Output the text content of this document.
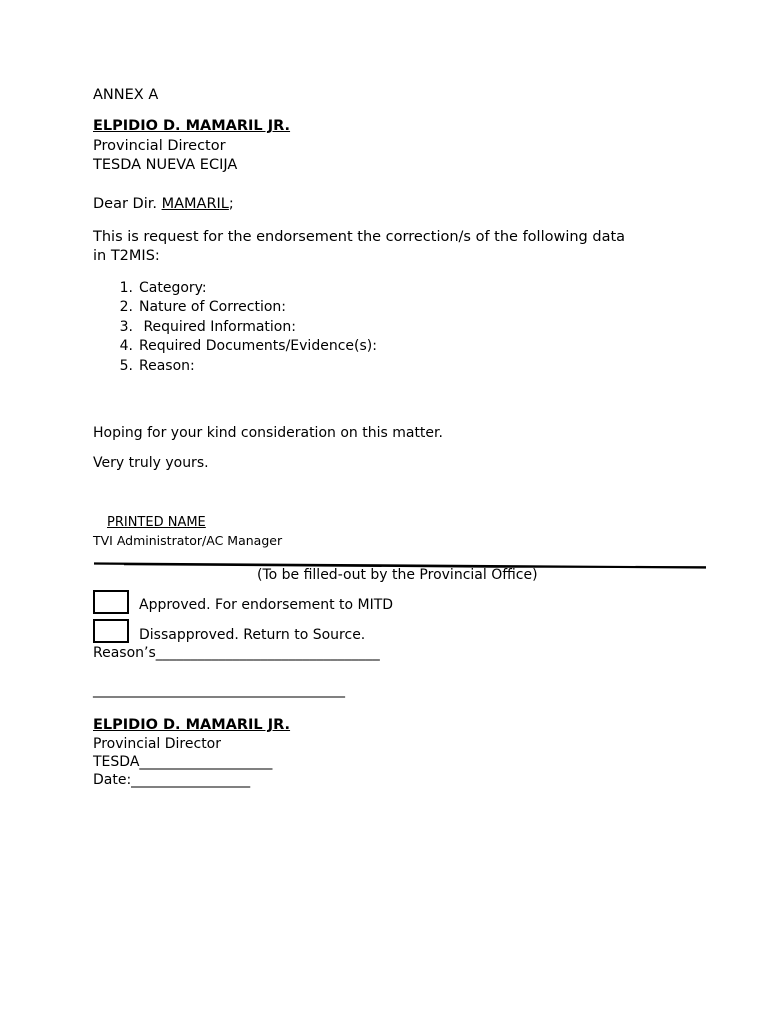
ANNEX A
ELPIDIO D. MAMARIL JR.
Provincial Director
TESDA NUEVA ECIJA
Dear Dir. MAMARIL;
This is request for the endorsement the correction/s of the following data
in T2MIS:
1. Category:
2. Nature of Correction:
3. Required Information:
4. Required Documents/Evidence(s):
5. Reason:
Hoping for your kind consideration on this matter.
Very truly yours.
PRINTED NAME
TVI Administrator/AC Manager
(To be filled-out by the Provincial Office)
Approved. For endorsement to MITD
Dissapproved. Return to Source.
Reason’s________________________________
____________________________________
ELPIDIO D. MAMARIL JR.
Provincial Director
TESDA___________________
Date:_________________
